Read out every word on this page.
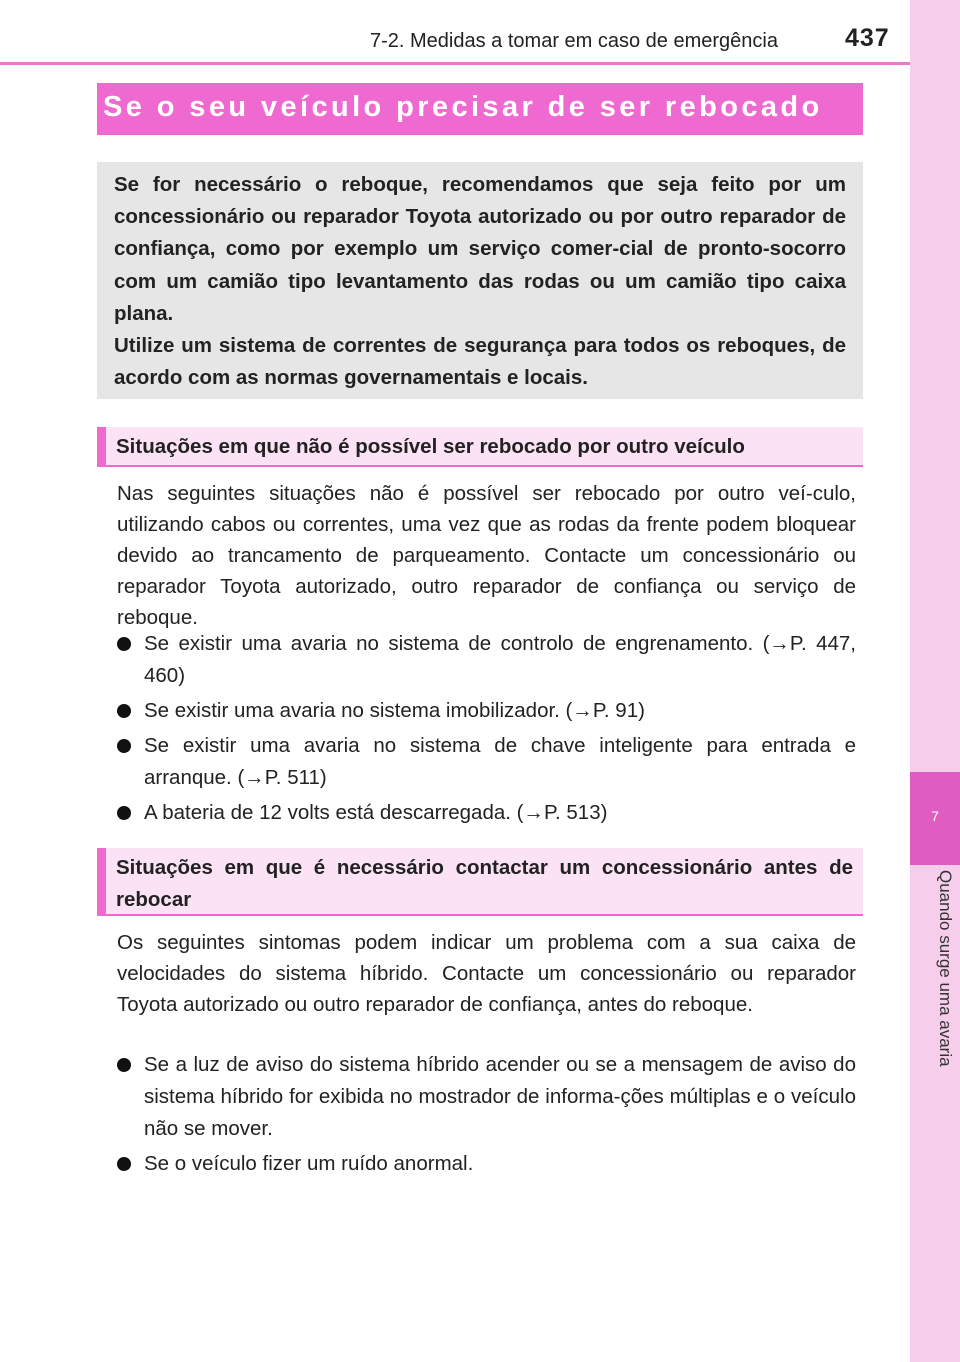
7-2. Medidas a tomar em caso de emergência	437
7
Quando surge uma avaria
Se o seu veículo precisar de ser rebocado

Se for necessário o reboque, recomendamos que seja feito por um concessionário ou reparador Toyota autorizado ou por outro reparador de confiança, como por exemplo um serviço comer-cial de pronto-socorro com um camião tipo levantamento das rodas ou um camião tipo caixa plana.

Utilize um sistema de correntes de segurança para todos os reboques, de acordo com as normas governamentais e locais.

Situações em que não é possível ser rebocado por outro veículo

Nas seguintes situações não é possível ser rebocado por outro veí-culo, utilizando cabos ou correntes, uma vez que as rodas da frente podem bloquear devido ao trancamento de parqueamento. Contacte um concessionário ou reparador Toyota autorizado, outro reparador de confiança ou serviço de reboque.

Se existir uma avaria no sistema de controlo de engrenamento. (→P. 447, 460)
Se existir uma avaria no sistema imobilizador. (→P. 91)
Se existir uma avaria no sistema de chave inteligente para entrada e arranque. (→P. 511)
A bateria de 12 volts está descarregada. (→P. 513)
Situações em que é necessário contactar um concessionário antes de rebocar

Os seguintes sintomas podem indicar um problema com a sua caixa de velocidades do sistema híbrido. Contacte um concessionário ou reparador Toyota autorizado ou outro reparador de confiança, antes do reboque.

Se a luz de aviso do sistema híbrido acender ou se a mensagem de aviso do sistema híbrido for exibida no mostrador de informa-ções múltiplas e o veículo não se mover.
Se o veículo fizer um ruído anormal.
